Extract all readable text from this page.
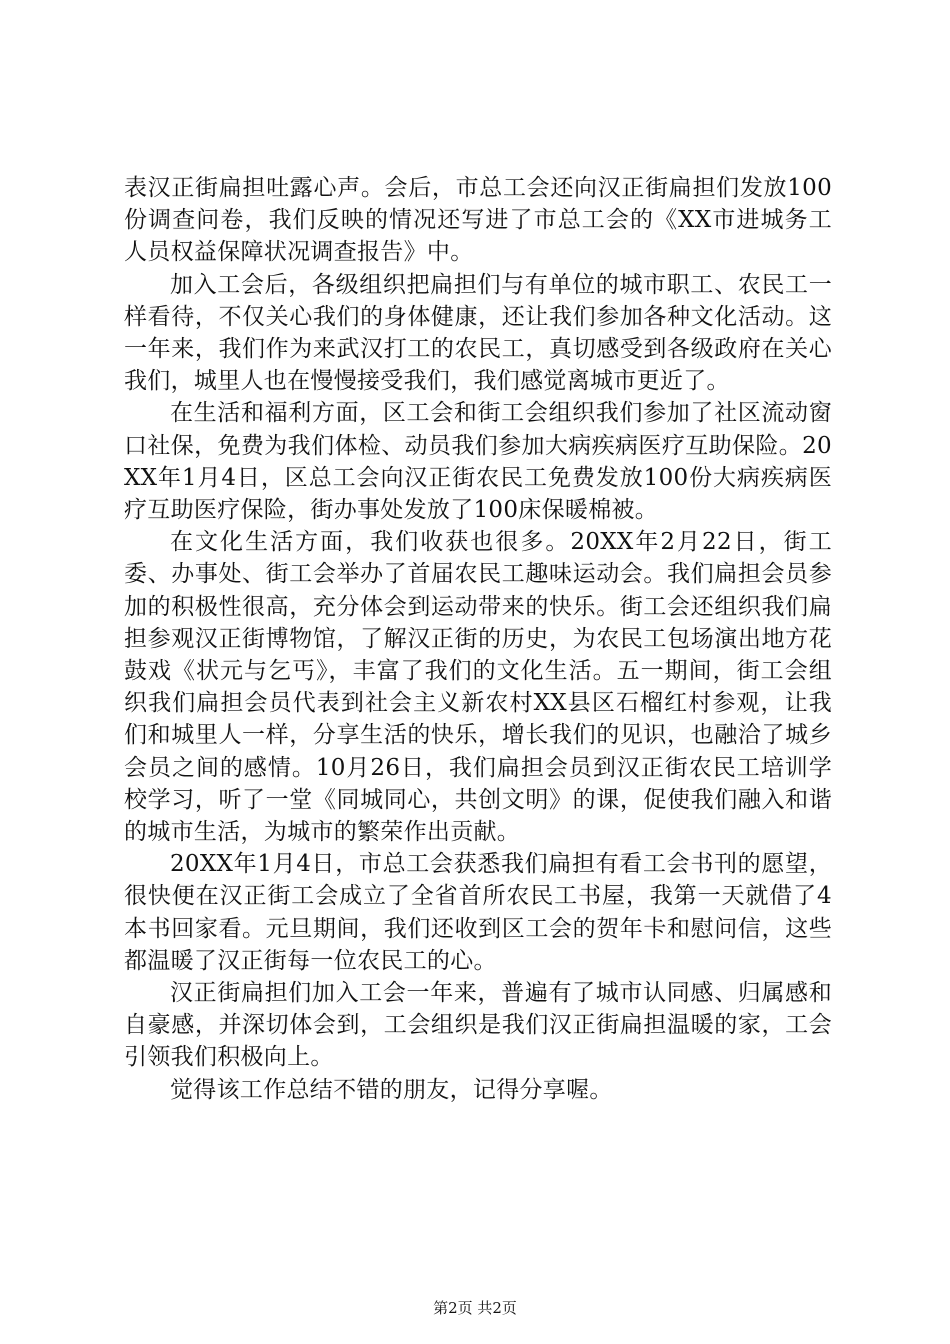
表汉正街扁担吐露心声。会后，市总工会还向汉正街扁担们发放100份调查问卷，我们反映的情况还写进了市总工会的《XX市进城务工人员权益保障状况调查报告》中。

加入工会后，各级组织把扁担们与有单位的城市职工、农民工一样看待，不仅关心我们的身体健康，还让我们参加各种文化活动。这一年来，我们作为来武汉打工的农民工，真切感受到各级政府在关心我们，城里人也在慢慢接受我们，我们感觉离城市更近了。

在生活和福利方面，区工会和街工会组织我们参加了社区流动窗口社保，免费为我们体检、动员我们参加大病疾病医疗互助保险。20XX年1月4日，区总工会向汉正街农民工免费发放100份大病疾病医疗互助医疗保险，街办事处发放了100床保暖棉被。

在文化生活方面，我们收获也很多。20XX年2月22日，街工委、办事处、街工会举办了首届农民工趣味运动会。我们扁担会员参加的积极性很高，充分体会到运动带来的快乐。街工会还组织我们扁担参观汉正街博物馆，了解汉正街的历史，为农民工包场演出地方花鼓戏《状元与乞丐》，丰富了我们的文化生活。五一期间，街工会组织我们扁担会员代表到社会主义新农村XX县区石榴红村参观，让我们和城里人一样，分享生活的快乐，增长我们的见识，也融洽了城乡会员之间的感情。10月26日，我们扁担会员到汉正街农民工培训学校学习，听了一堂《同城同心，共创文明》的课，促使我们融入和谐的城市生活，为城市的繁荣作出贡献。

20XX年1月4日，市总工会获悉我们扁担有看工会书刊的愿望，很快便在汉正街工会成立了全省首所农民工书屋，我第一天就借了4本书回家看。元旦期间，我们还收到区工会的贺年卡和慰问信，这些都温暖了汉正街每一位农民工的心。

汉正街扁担们加入工会一年来，普遍有了城市认同感、归属感和自豪感，并深切体会到，工会组织是我们汉正街扁担温暖的家，工会引领我们积极向上。

觉得该工作总结不错的朋友，记得分享喔。

第2页 共2页
